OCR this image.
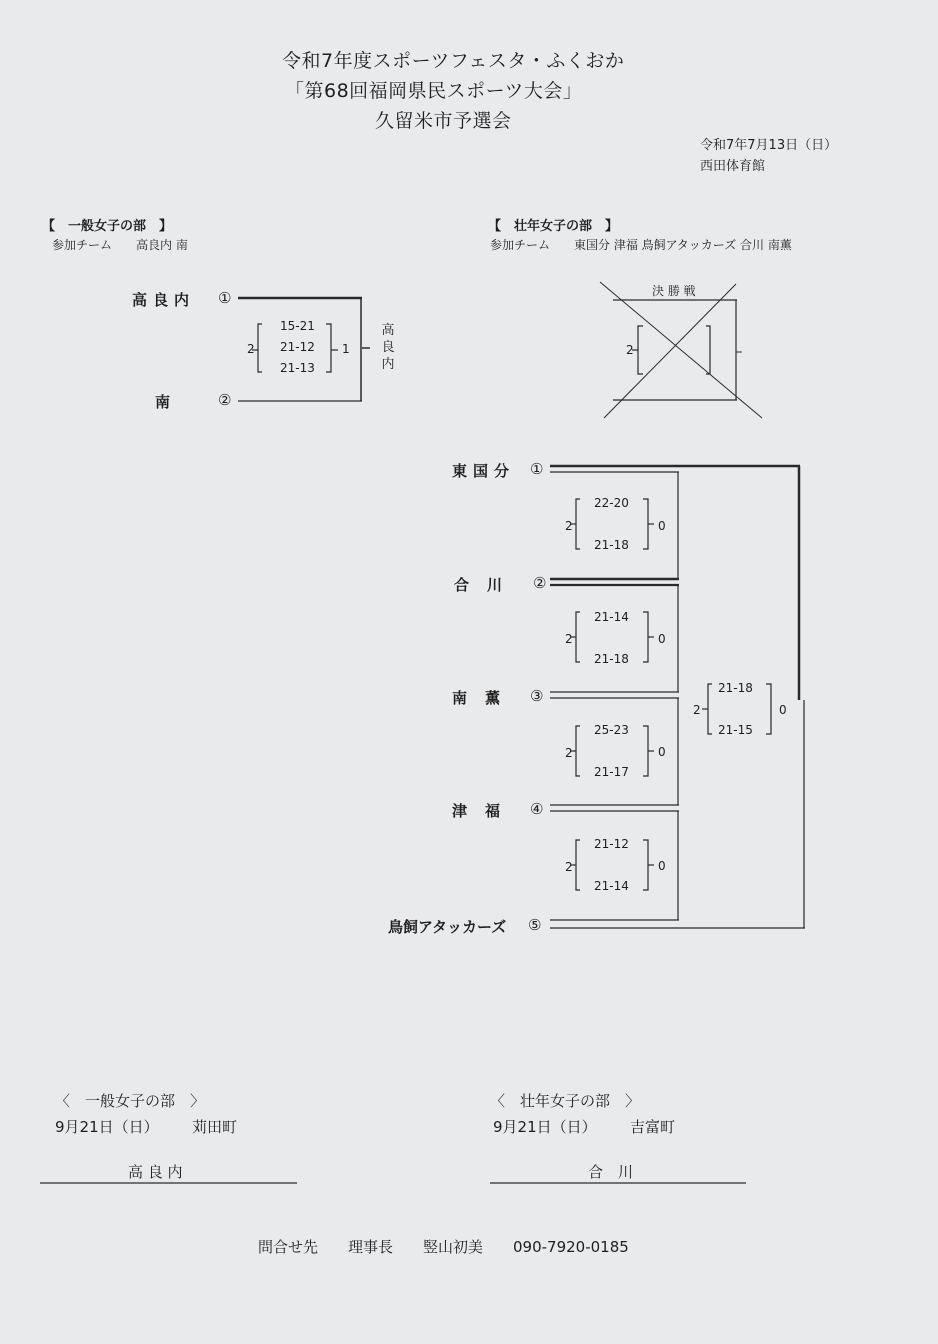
令和7年度スポーツフェスタ・ふくおか
「第68回福岡県民スポーツ大会」
久留米市予選会
令和7年7月13日（日）
西田体育館
【　一般女子の部　】
参加チーム　　高良内 南
高良内 ①
南	②
2
15-21
21-12
21-13
1
高良内
【　壮年女子の部　】
参加チーム　　東国分 津福 鳥飼アタッカーズ 合川 南薫
決 勝 戦
2
東国分 ①
合川 ②
南薫 ③
津福 ④
鳥飼アタッカーズ ⑤
2
22-20
21-18
0
2
21-14
21-18
0
2
25-23
21-17
0
2
21-12
21-14
0
2
21-18
21-15
0
〈　一般女子の部　〉
9月21日（日） 苅田町
高 良 内
〈　壮年女子の部　〉
9月21日（日） 吉富町
合　川
問合せ先　　理事長　　竪山初美　　090-7920-0185
